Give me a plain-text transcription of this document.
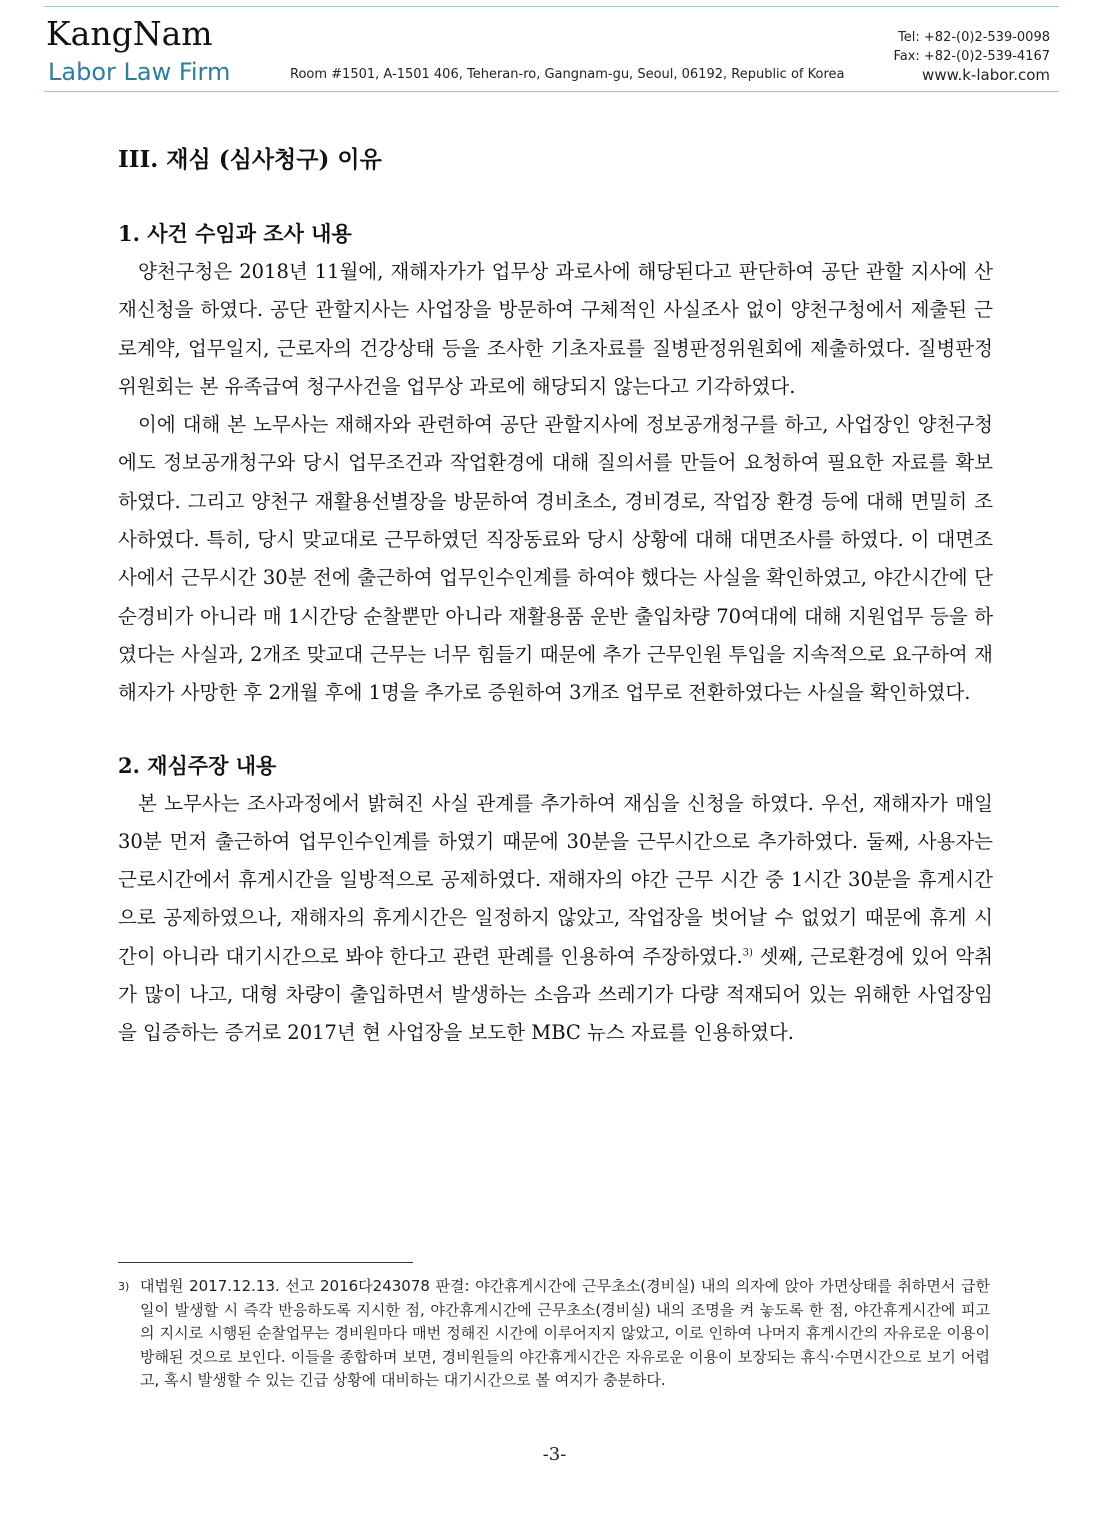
KangNam
Labor Law Firm	Room #1501, A-1501 406, Teheran-ro, Gangnam-gu, Seoul, 06192, Republic of Korea
Tel: +82-(0)2-539-0098
Fax: +82-(0)2-539-4167
www.k-labor.com
III. 재심 (심사청구) 이유
1. 사건 수임과 조사 내용

양천구청은 2018년 11월에, 재해자가가 업무상 과로사에 해당된다고 판단하여 공단 관할 지사에 산재신청을 하였다. 공단 관할지사는 사업장을 방문하여 구체적인 사실조사 없이 양천구청에서 제출된 근로계약, 업무일지, 근로자의 건강상태 등을 조사한 기초자료를 질병판정위원회에 제출하였다. 질병판정위원회는 본 유족급여 청구사건을 업무상 과로에 해당되지 않는다고 기각하였다.

이에 대해 본 노무사는 재해자와 관련하여 공단 관할지사에 정보공개청구를 하고, 사업장인 양천구청에도 정보공개청구와 당시 업무조건과 작업환경에 대해 질의서를 만들어 요청하여 필요한 자료를 확보하였다. 그리고 양천구 재활용선별장을 방문하여 경비초소, 경비경로, 작업장 환경 등에 대해 면밀히 조사하였다. 특히, 당시 맞교대로 근무하였던 직장동료와 당시 상황에 대해 대면조사를 하였다. 이 대면조사에서 근무시간 30분 전에 출근하여 업무인수인계를 하여야 했다는 사실을 확인하였고, 야간시간에 단순경비가 아니라 매 1시간당 순찰뿐만 아니라 재활용품 운반 출입차량 70여대에 대해 지원업무 등을 하였다는 사실과, 2개조 맞교대 근무는 너무 힘들기 때문에 추가 근무인원 투입을 지속적으로 요구하여 재해자가 사망한 후 2개월 후에 1명을 추가로 증원하여 3개조 업무로 전환하였다는 사실을 확인하였다.

2. 재심주장 내용

본 노무사는 조사과정에서 밝혀진 사실 관계를 추가하여 재심을 신청을 하였다. 우선, 재해자가 매일 30분 먼저 출근하여 업무인수인계를 하였기 때문에 30분을 근무시간으로 추가하였다. 둘째, 사용자는 근로시간에서 휴게시간을 일방적으로 공제하였다. 재해자의 야간 근무 시간 중 1시간 30분을 휴게시간으로 공제하였으나, 재해자의 휴게시간은 일정하지 않았고, 작업장을 벗어날 수 없었기 때문에 휴게 시간이 아니라 대기시간으로 봐야 한다고 관련 판례를 인용하여 주장하였다.$^{3)}$ 셋째, 근로환경에 있어 악취가 많이 나고, 대형 차량이 출입하면서 발생하는 소음과 쓰레기가 다량 적재되어 있는 위해한 사업장임을 입증하는 증거로 2017년 현 사업장을 보도한 MBC 뉴스 자료를 인용하였다.

3) 대법원 2017.12.13. 선고 2016다243078 판결: 야간휴게시간에 근무초소(경비실) 내의 의자에 앉아 가면상태를 취하면서 급한 일이 발생할 시 즉각 반응하도록 지시한 점, 야간휴게시간에 근무초소(경비실) 내의 조명을 켜 놓도록 한 점, 야간휴게시간에 피고의 지시로 시행된 순찰업무는 경비원마다 매번 정해진 시간에 이루어지지 않았고, 이로 인하여 나머지 휴게시간의 자유로운 이용이 방해된 것으로 보인다. 이들을 종합하며 보면, 경비원들의 야간휴게시간은 자유로운 이용이 보장되는 휴식·수면시간으로 보기 어렵고, 혹시 발생할 수 있는 긴급 상황에 대비하는 대기시간으로 볼 여지가 충분하다.
-3-
